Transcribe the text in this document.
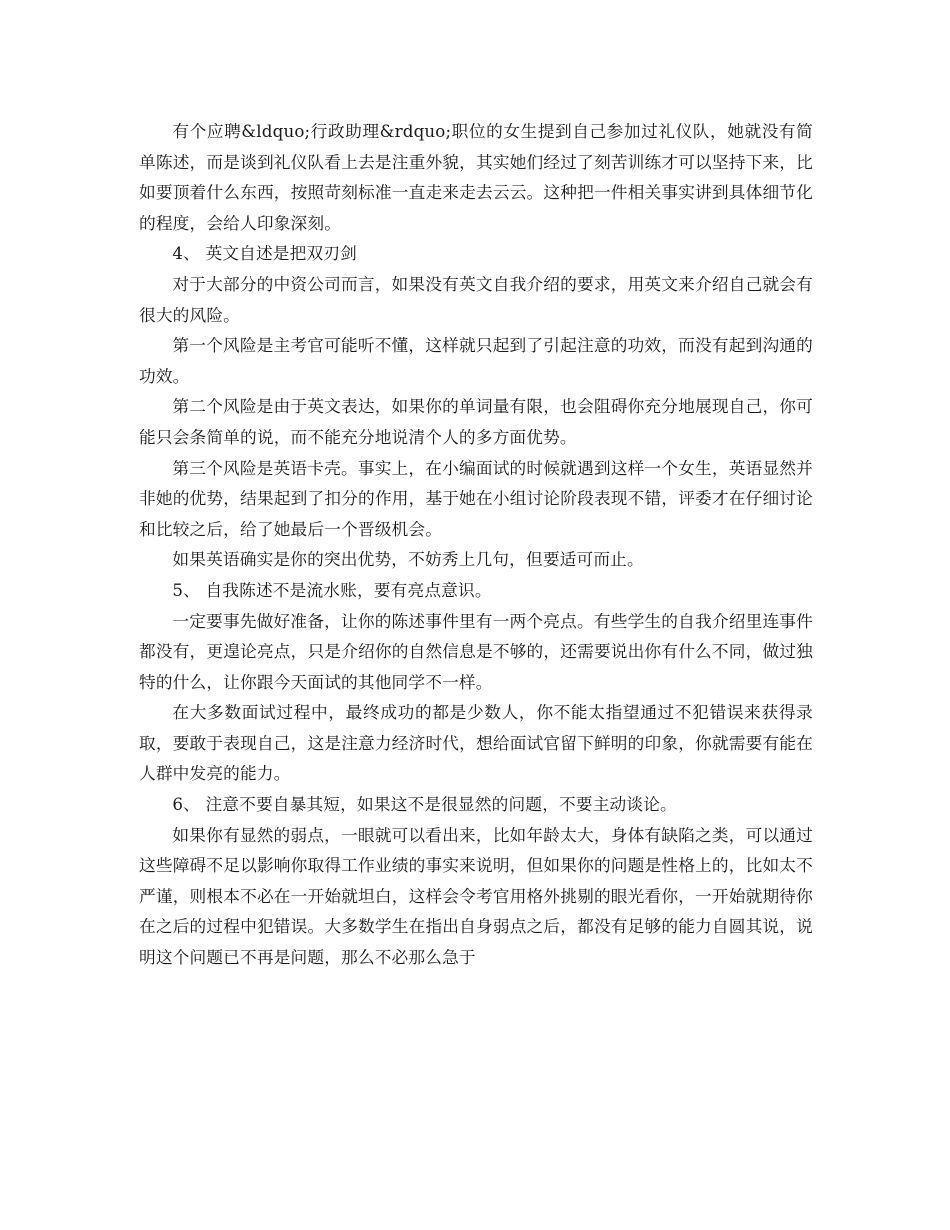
有个应聘&ldquo;行政助理&rdquo;职位的女生提到自己参加过礼仪队，她就没有简单陈述，而是谈到礼仪队看上去是注重外貌，其实她们经过了刻苦训练才可以坚持下来，比如要顶着什么东西，按照苛刻标准一直走来走去云云。这种把一件相关事实讲到具体细节化的程度，会给人印象深刻。

4、 英文自述是把双刃剑

对于大部分的中资公司而言，如果没有英文自我介绍的要求，用英文来介绍自己就会有很大的风险。

第一个风险是主考官可能听不懂，这样就只起到了引起注意的功效，而没有起到沟通的功效。

第二个风险是由于英文表达，如果你的单词量有限，也会阻碍你充分地展现自己，你可能只会条简单的说，而不能充分地说清个人的多方面优势。

第三个风险是英语卡壳。事实上，在小编面试的时候就遇到这样一个女生，英语显然并非她的优势，结果起到了扣分的作用，基于她在小组讨论阶段表现不错，评委才在仔细讨论和比较之后，给了她最后一个晋级机会。

如果英语确实是你的突出优势，不妨秀上几句，但要适可而止。

5、 自我陈述不是流水账，要有亮点意识。

一定要事先做好准备，让你的陈述事件里有一两个亮点。有些学生的自我介绍里连事件都没有，更遑论亮点，只是介绍你的自然信息是不够的，还需要说出你有什么不同，做过独特的什么，让你跟今天面试的其他同学不一样。

在大多数面试过程中，最终成功的都是少数人，你不能太指望通过不犯错误来获得录取，要敢于表现自己，这是注意力经济时代，想给面试官留下鲜明的印象，你就需要有能在人群中发亮的能力。

6、 注意不要自暴其短，如果这不是很显然的问题，不要主动谈论。

如果你有显然的弱点，一眼就可以看出来，比如年龄太大，身体有缺陷之类，可以通过这些障碍不足以影响你取得工作业绩的事实来说明，但如果你的问题是性格上的，比如太不严谨，则根本不必在一开始就坦白，这样会令考官用格外挑剔的眼光看你，一开始就期待你在之后的过程中犯错误。大多数学生在指出自身弱点之后，都没有足够的能力自圆其说，说明这个问题已不再是问题，那么不必那么急于
